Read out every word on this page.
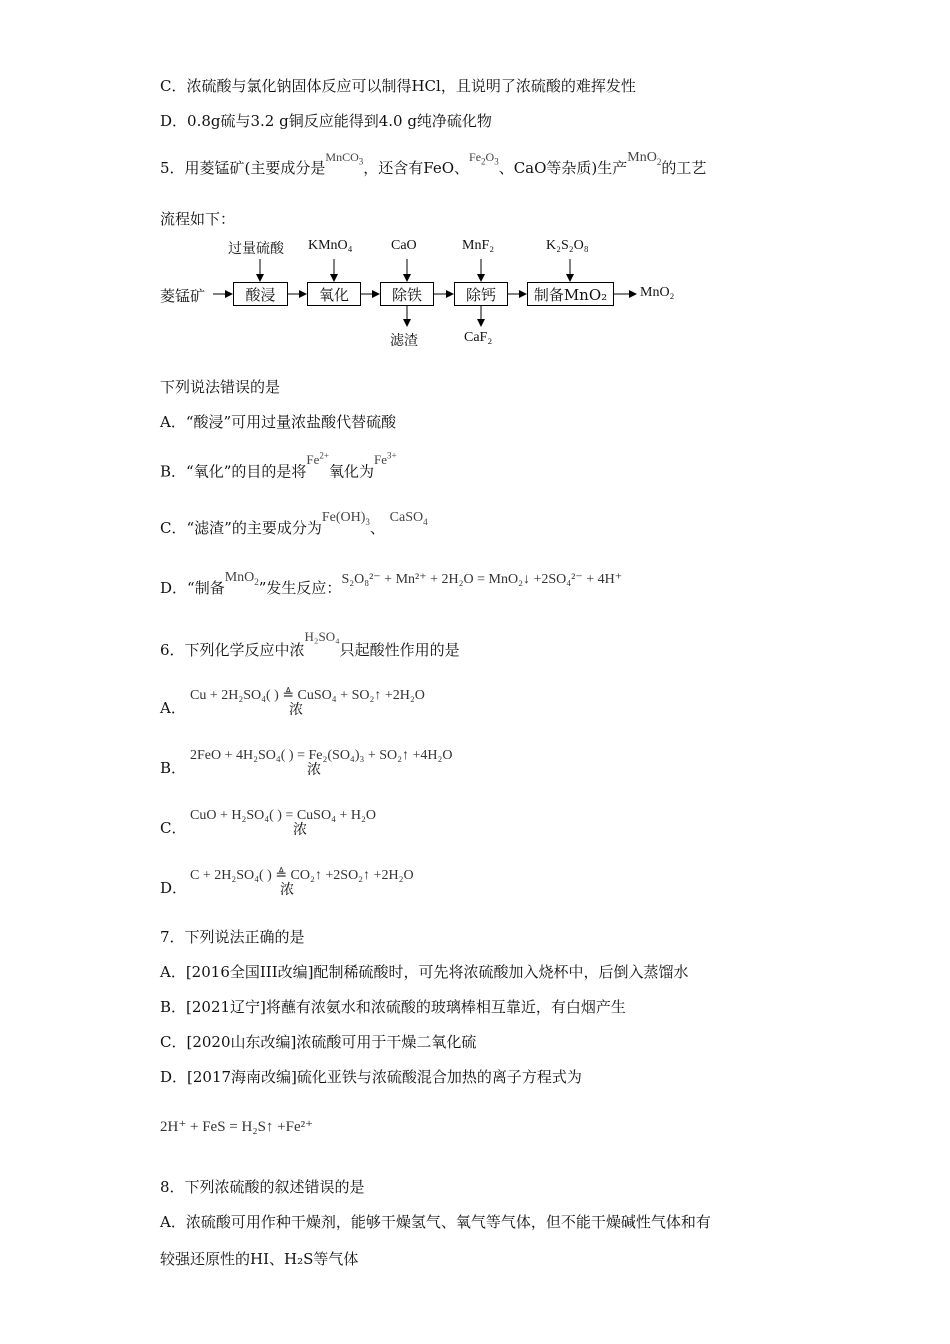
C．浓硫酸与氯化钠固体反应可以制得HCl，且说明了浓硫酸的难挥发性
D．0.8g硫与3.2 g铜反应能得到4.0 g纯净硫化物
5．用菱锰矿(主要成分是$^{MnCO_3}$，还含有FeO、$^{Fe_2O_3}$、CaO等杂质)生产MnO$_2$的工艺
流程如下：
菱锰矿	酸浸	氧化	除铁	除钙	制备MnO₂	MnO₂
过量硫酸 KMnO₄	CaO	MnF₂	K₂S₂O₈
滤渣	CaF₂
下列说法错误的是
A．“酸浸”可用过量浓盐酸代替硫酸
B．“氧化”的目的是将$Fe^{2+}$氧化为$Fe^{3+}$
C．“滤渣”的主要成分为$Fe(OH)_3$、 CaSO$_4$
D．“制备MnO$_2$”发生反应：S₂O₈²⁻ + Mn²⁺ + 2H₂O = MnO₂↓ +2SO₄²⁻ + 4H⁺
6．下列化学反应中浓H₂SO₄只起酸性作用的是
A．
Cu + 2H₂SO₄( ) ≜ CuSO₄ + SO₂↑ +2H₂O
浓
B．
2FeO + 4H₂SO₄( ) = Fe₂(SO₄)₃ + SO₂↑ +4H₂O
浓
C．
CuO + H₂SO₄( ) = CuSO₄ + H₂O
浓
D．
C + 2H₂SO₄( ) ≜ CO₂↑ +2SO₂↑ +2H₂O
浓
7．下列说法正确的是
A．[2016全国III改编]配制稀硫酸时，可先将浓硫酸加入烧杯中，后倒入蒸馏水
B．[2021辽宁]将蘸有浓氨水和浓硫酸的玻璃棒相互靠近，有白烟产生
C．[2020山东改编]浓硫酸可用于干燥二氧化硫
D．[2017海南改编]硫化亚铁与浓硫酸混合加热的离子方程式为
2H⁺ + FeS = H₂S↑ +Fe²⁺
8．下列浓硫酸的叙述错误的是
A．浓硫酸可用作种干燥剂，能够干燥氢气、氧气等气体，但不能干燥碱性气体和有
较强还原性的HI、H₂S等气体
